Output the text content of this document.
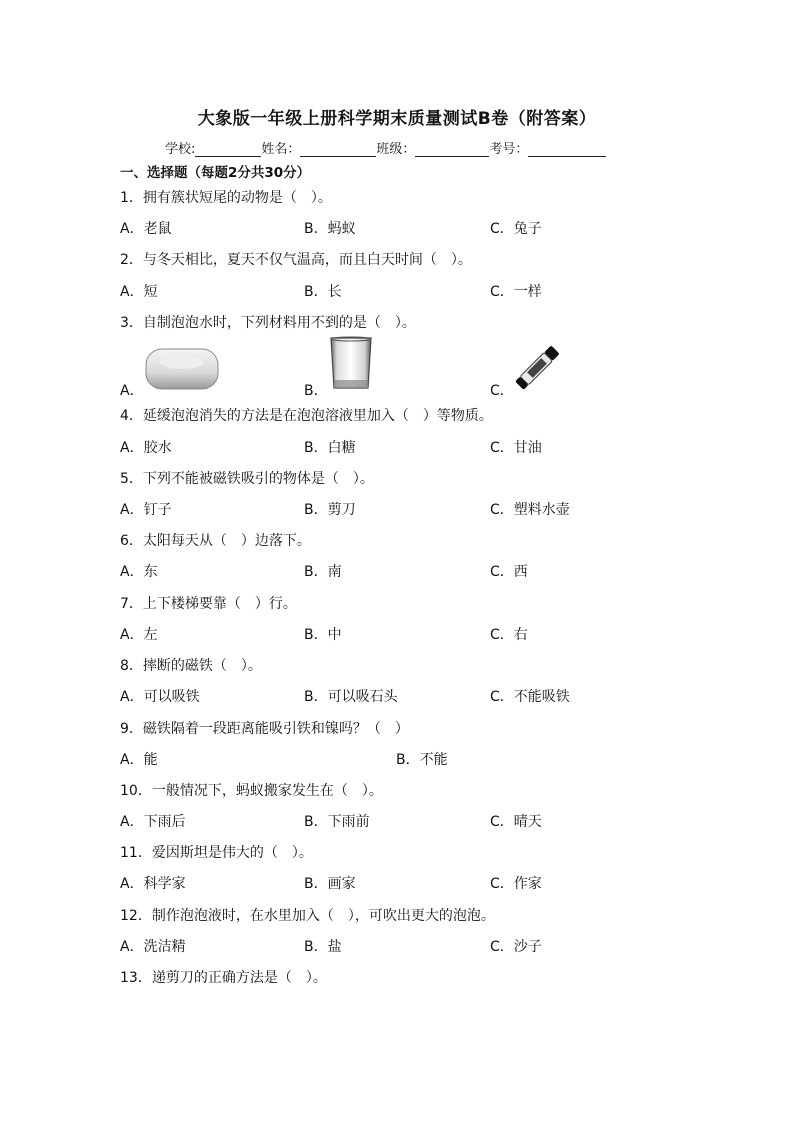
大象版一年级上册科学期末质量测试B卷（附答案）
学校:	姓名：	班级：	考号：
一、选择题（每题2分共30分）
1．拥有簇状短尾的动物是（　）。
A．老鼠	B．蚂蚁	C．兔子
2．与冬天相比，夏天不仅气温高，而且白天时间（　）。
A．短	B．长	C．一样
3．自制泡泡水时，下列材料用不到的是（　）。
A．	B．	C．
4．延缓泡泡消失的方法是在泡泡溶液里加入（　）等物质。
A．胶水	B．白糖	C．甘油
5．下列不能被磁铁吸引的物体是（　）。
A．钉子	B．剪刀	C．塑料水壶
6．太阳每天从（　）边落下。
A．东	B．南	C．西
7．上下楼梯要靠（　）行。
A．左	B．中	C．右
8．摔断的磁铁（　）。
A．可以吸铁	B．可以吸石头	C．不能吸铁
9．磁铁隔着一段距离能吸引铁和镍吗？（　）
A．能	B．不能
10．一般情况下，蚂蚁搬家发生在（　）。
A．下雨后	B．下雨前	C．晴天
11．爱因斯坦是伟大的（　）。
A．科学家	B．画家	C．作家
12．制作泡泡液时，在水里加入（　），可吹出更大的泡泡。
A．洗洁精	B．盐	C．沙子
13．递剪刀的正确方法是（　）。
